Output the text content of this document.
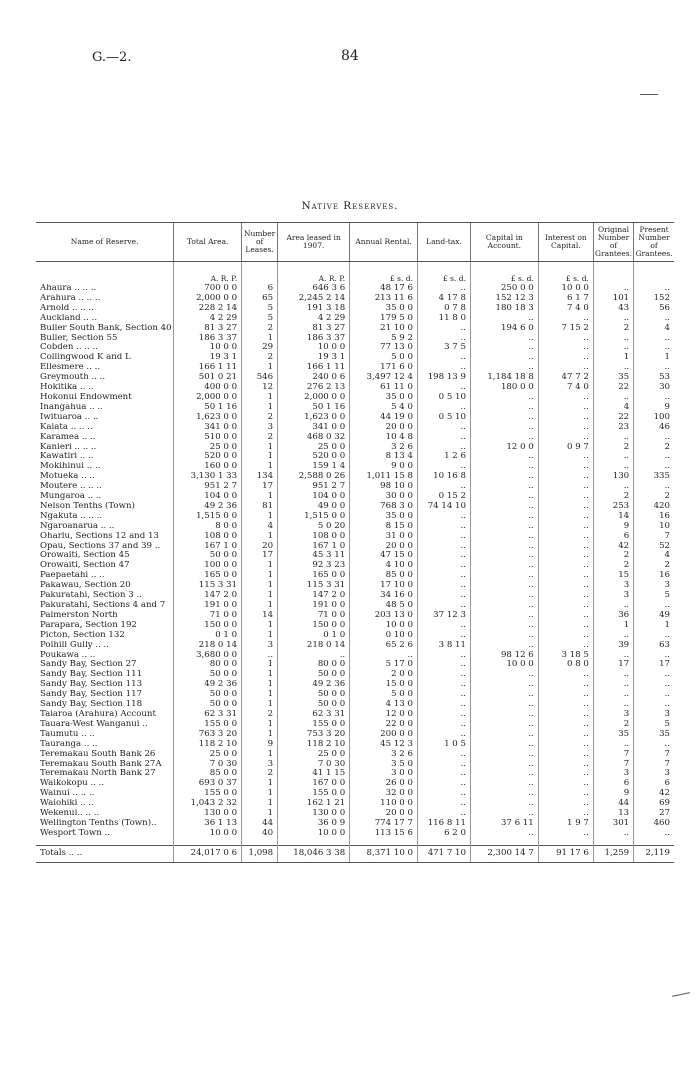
G.—2.	84
Native Reserves.
Name of Reserve.	Total Area.	Number of Leases.	Area leased in 1907.	Annual Rental.	Land-tax.	Capital in Account.	Interest on Capital.	Original Number of Grantees.	Present Number of Grantees.
	A. R. P.		A. R. P.	£ s. d.	£ s. d.	£ s. d.	£ s. d.		
Ahaura .. .. ..	700 0 0	6	646 3 6	48 17 6	..	250 0 0	10 0 0	..	..
Arahura .. .. ..	2,000 0 0	65	2,245 2 14	213 11 6	4 17 8	152 12 3	6 1 7	101	152
Arnold .. .. ..	228 2 14	5	191 3 18	35 0 0	0 7 8	180 18 3	7 4 0	43	56
Auckland .. ..	4 2 29	5	4 2 29	179 5 0	11 8 0	..	..	..	..
Buller South Bank, Section 40	81 3 27	2	81 3 27	21 10 0	..	194 6 0	7 15 2	2	4
Buller, Section 55	186 3 37	1	186 3 37	5 9 2	..	..	..	..	..
Cobden .. .. ..	10 0 0	29	10 0 0	77 13 0	3 7 5	..	..	..	..
Collingwood K and L	19 3 1	2	19 3 1	5 0 0	..	..	..	1	1
Ellesmere .. ..	166 1 11	1	166 1 11	171 6 0	..	..	..	..	..
Greymouth .. ..	501 0 21	546	240 0 6	3,497 12 4	198 13 9	1,184 18 8	47 7 2	35	53
Hokitika .. ..	400 0 0	12	276 2 13	61 11 0	..	180 0 0	7 4 0	22	30
Hokonui Endowment	2,000 0 0	1	2,000 0 0	35 0 0	0 5 10	..	..	..	..
Inangahua .. ..	50 1 16	1	50 1 16	5 4 0	..	..	..	4	9
Iwituaroa .. ..	1,623 0 0	2	1,623 0 0	44 19 0	0 5 10	..	..	22	100
Kaiata .. .. ..	341 0 0	3	341 0 0	20 0 0	..	..	..	23	46
Karamea .. ..	510 0 0	2	468 0 32	10 4 8	..	..	..	..	..
Kanieri .. .. ..	25 0 0	1	25 0 0	3 2 6	..	12 0 0	0 9 7	2	2
Kawatiri .. ..	520 0 0	1	520 0 0	8 13 4	1 2 6	..	..	..	..
Mokihinui .. ..	160 0 0	1	159 1 4	9 0 0	..	..	..	..	..
Motueka .. ..	3,130 1 33	134	2,588 0 26	1,011 15 8	10 16 8	..	..	130	335
Moutere .. .. ..	951 2 7	17	951 2 7	98 10 0	..	..	..	..	..
Mungaroa .. ..	104 0 0	1	104 0 0	30 0 0	0 15 2	..	..	2	2
Nelson Tenths (Town)	49 2 36	81	49 0 0	768 3 0	74 14 10	..	..	253	420
Ngakuta .. .. ..	1,515 0 0	1	1,515 0 0	35 0 0	..	..	..	14	16
Ngaroanarua .. ..	8 0 0	4	5 0 20	8 15 0	..	..	..	9	10
Oharlu, Sections 12 and 13	108 0 0	1	108 0 0	31 0 0	..	..	..	6	7
Opau, Sections 37 and 39 ..	167 1 0	20	167 1 0	20 0 0	..	..	..	42	52
Orowaiti, Section 45	50 0 0	17	45 3 11	47 15 0	..	..	..	2	4
Orowaiti, Section 47	100 0 0	1	92 3 23	4 10 0	..	..	..	2	2
Paepaetahi .. ..	165 0 0	1	165 0 0	85 0 0	..	..	..	15	16
Pakawau, Section 20	115 3 31	1	115 3 31	17 10 0	..	..	..	3	3
Pakuratahi, Section 3 ..	147 2 0	1	147 2 0	34 16 0	..	..	..	3	5
Pakuratahi, Sections 4 and 7	191 0 0	1	191 0 0	48 5 0	..	..	..	..	..
Palmerston North	71 0 0	14	71 0 0	203 13 0	37 12 3	..	..	36	49
Parapara, Section 192	150 0 0	1	150 0 0	10 0 0	..	..	..	1	1
Picton, Section 132	0 1 0	1	0 1 0	0 10 0	..	..	..	..	..
Polhill Gully .. ..	218 0 14	3	218 0 14	65 2 6	3 8 11	..	..	39	63
Poukawa .. ..	3,680 0 0	..	..	..	..	98 12 6	3 18 5	..	..
Sandy Bay, Section 27	80 0 0	1	80 0 0	5 17 0	..	10 0 0	0 8 0	17	17
Sandy Bay, Section 111	50 0 0	1	50 0 0	2 0 0	..	..	..	..	..
Sandy Bay, Section 113	49 2 36	1	49 2 36	15 0 0	..	..	..	..	..
Sandy Bay, Section 117	50 0 0	1	50 0 0	5 0 0	..	..	..	..	..
Sandy Bay, Section 118	50 0 0	1	50 0 0	4 13 0	..	..	..	..	..
Taiaroa (Arahura) Account	62 3 31	2	62 3 31	12 0 0	..	..	..	3	3
Tauara-West Wanganui ..	155 0 0	1	155 0 0	22 0 0	..	..	..	2	5
Taumutu .. ..	763 3 20	1	753 3 20	200 0 0	..	..	..	35	35
Tauranga .. ..	118 2 10	9	118 2 10	45 12 3	1 0 5	..	..	..	..
Teremakau South Bank 26	25 0 0	1	25 0 0	3 2 6	..	..	..	7	7
Teremakau South Bank 27A	7 0 30	3	7 0 30	3 5 0	..	..	..	7	7
Teremakau North Bank 27	85 0 0	2	41 1 15	3 0 0	..	..	..	3	3
Waikokopu .. ..	693 0 37	1	167 0 0	26 0 0	..	..	..	6	6
Wainui .. .. ..	155 0 0	1	155 0 0	32 0 0	..	..	..	9	42
Waiohiki .. ..	1,043 2 32	1	162 1 21	110 0 0	..	..	..	44	69
Wekenui.. .. ..	130 0 0	1	130 0 0	20 0 0	..	..	..	13	27
Wellington Tenths (Town)..	36 1 13	44	36 0 9	774 17 7	116 8 11	37 6 11	1 9 7	301	460
Wesport Town ..	10 0 0	40	10 0 0	113 15 6	6 2 0	..	..	..	..

Totals .. ..	24,017 0 6	1,098	18,046 3 38	8,371 10 0	471 7 10	2,300 14 7	91 17 6	1,259	2,119
